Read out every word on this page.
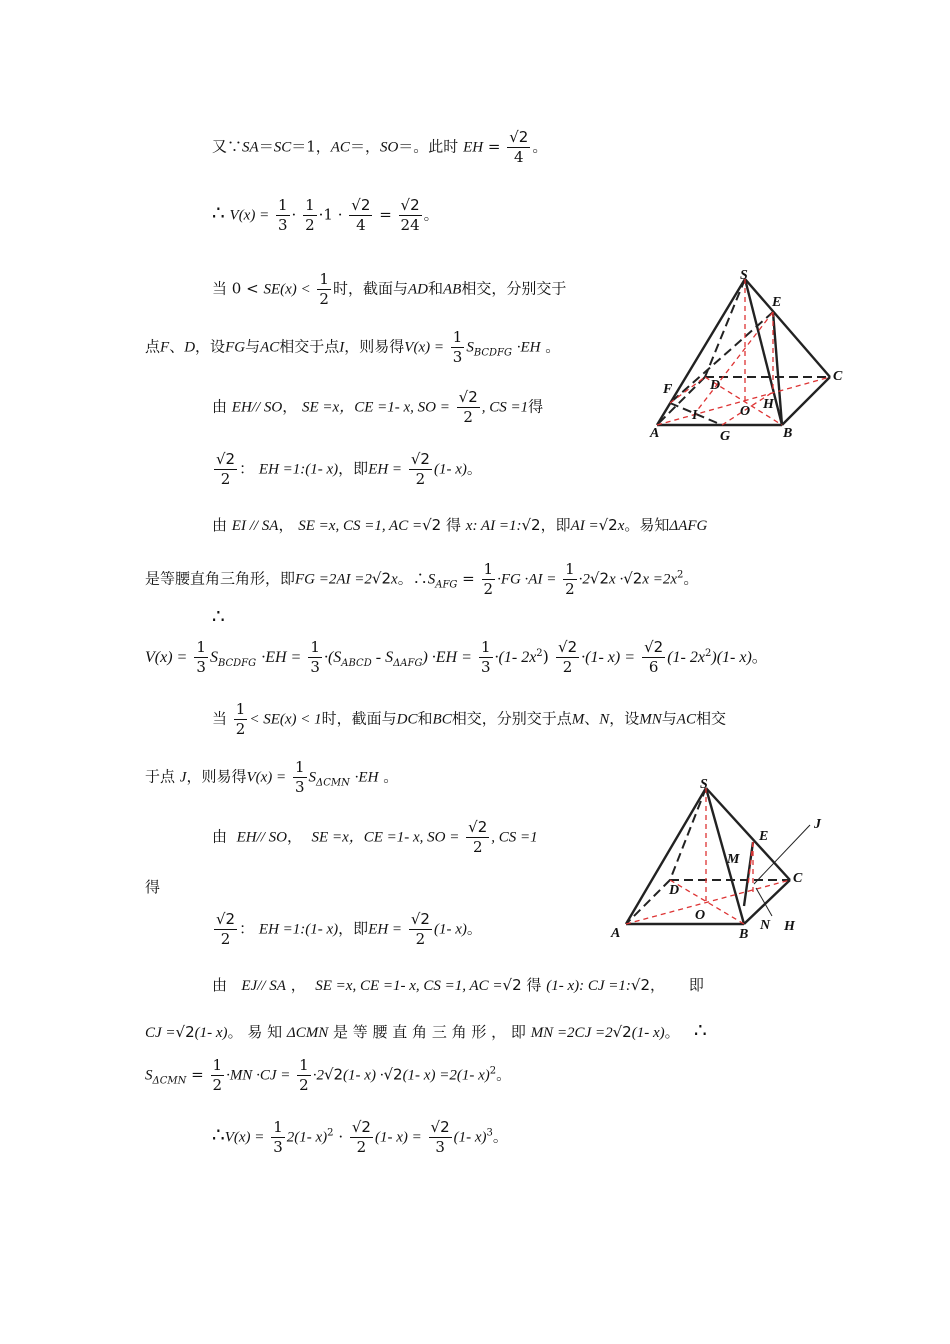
又∵SA＝SC＝1，AC＝，SO＝。此时 EH = $\frac{√2}{4}$ 。
∴ $V(x) = \frac{1}{3} \cdot \frac{1}{2} \cdot 1 \cdot \frac{√2}{4} = \frac{√2}{24}$ 。
当 $0 < SE(x) < \frac{1}{2}$ 时，截面与AD和AB相交，分别交于
点F、D，设FG与AC相交于点I，则易得$V(x) = \frac{1}{3} S_{BCDFG} \cdot EH$ 。
由 EH// SO， SE =x，CE =1- x, SO = $\frac{√2}{2}$ , CS =1得
$\frac{√2}{2}$ ： EH =1:(1- x)，即EH = $\frac{√2}{2} (1-$ x)。
由 EI // SA， SE =x, CS =1, AC =√2 得 x: AI =1:√2，即AI =√2x。易知ΔAFG
是等腰直角三角形，即FG =2AI =2√2x。$\therefore S_{AFG} = \frac{1}{2} \cdot FG \cdot AI = \frac{1}{2} \cdot 2√2x \cdot√2x =2x^2$。
∴
$V(x) = \frac{1}{3} S_{BCDFG} \cdot EH = \frac{1}{3} \cdot(S_{ABCD} - S_{\Delta AFG}) \cdot EH = \frac{1}{3} \cdot(1-$ $2x^2) \frac{√2}{2} \cdot(1-$ $x) = \frac{√2}{6} (1-$ $2x^2)(1-$ x)。
当 $\frac{1}{2} < SE(x) < 1$时，截面与DC和BC相交，分别交于点M、N，设MN与AC相交
于点 J，则易得$V(x) = \frac{1}{3} S_{\Delta CMN} \cdot EH$ 。
由 EH// SO， SE =x，CE =1- x, SO = $\frac{√2}{2}$ , CS =1
得
$\frac{√2}{2}$ ： EH =1:(1- x)，即EH = $\frac{√2}{2} (1-$ x)。
由 EJ// SA ， SE =x, CE =1- x, CS =1, AC =√2 得 (1- x): CJ =1:√2， 即
CJ =√2(1- x)。 易 知 ΔCMN 是 等 腰 直 角 三 角 形 ， 即 MN =2CJ =2√2(1- x)。 ∴
$S_{\Delta CMN} = \frac{1}{2} \cdot MN \cdot CJ = \frac{1}{2} \cdot 2√2(1-$ x) ·√2(1- x) =2(1- x)$^2$。
∴V(x) = $\frac{1}{3} 2(1-$ $x)^2 \cdot \frac{√2}{2} (1-$ $x) = \frac{√2}{3} (1-$ x)$^3$。
S
E
C
F	D
I	O H
A	G	B
S
E
J
M
C
D
O
N H
A	B
